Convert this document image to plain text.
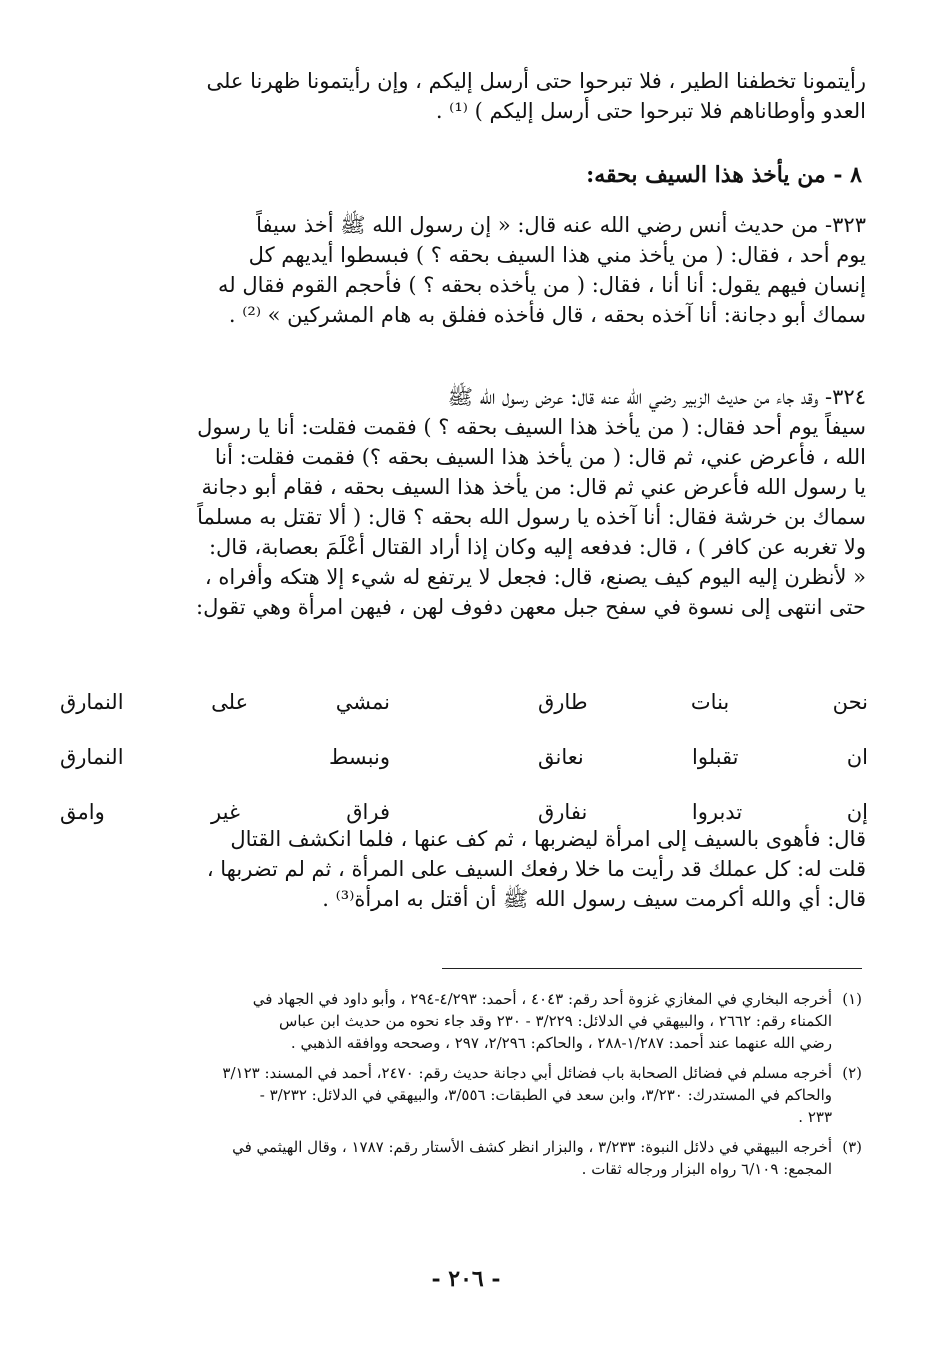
رأيتمونا تخطفنا الطير ، فلا تبرحوا حتى أرسل إليكم ، وإن رأيتمونا ظهرنا على
العدو وأوطاناهم فلا تبرحوا حتى أرسل إليكم ) ⁽¹⁾ .
٨ - من يأخذ هذا السيف بحقه:
٣٢٣- من حديث أنس رضي الله عنه قال: « إن رسول الله ﷺ أخذ سيفاً
يوم أحد ، فقال: ( من يأخذ مني هذا السيف بحقه ؟ ) فبسطوا أيديهم كل
إنسان فيهم يقول: أنا أنا ، فقال: ( من يأخذه بحقه ؟ ) فأحجم القوم فقال له
سماك أبو دجانة: أنا آخذه بحقه ، قال فأخذه ففلق به هام المشركين » ⁽²⁾ .
٣٢٤- وقد جاء من حديث الزبير رضي الله عنه قال: عرض رسول الله ﷺ
سيفاً يوم أحد فقال: ( من يأخذ هذا السيف بحقه ؟ ) فقمت فقلت: أنا يا رسول
الله ، فأعرض عني، ثم قال: ( من يأخذ هذا السيف بحقه ؟) فقمت فقلت: أنا
يا رسول الله فأعرض عني ثم قال: من يأخذ هذا السيف بحقه ، فقام أبو دجانة
سماك بن خرشة فقال: أنا آخذه يا رسول الله بحقه ؟ قال: ( ألا تقتل به مسلماً
ولا تغربه عن كافر ) ، قال: فدفعه إليه وكان إذا أراد القتال أعْلَمَ بعصابة، قال:
« لأنظرن إليه اليوم كيف يصنع، قال: فجعل لا يرتفع له شيء إلا هتكه وأفراه ،
حتى انتهى إلى نسوة في سفح جبل معهن دفوف لهن ، فيهن امرأة وهي تقول:
نحن بنات طارق
نمشي على النمارق
ان تقبلوا نعانق
ونبسط النمارق
إن تدبروا نفارق
فراق غير وامق
قال: فأهوى بالسيف إلى امرأة ليضربها ، ثم كف عنها ، فلما انكشف القتال
قلت له: كل عملك قد رأيت ما خلا رفعك السيف على المرأة ، ثم لم تضربها ،
قال: أي والله أكرمت سيف رسول الله ﷺ أن أقتل به امرأة⁽³⁾ .
(١)
أخرجه البخاري في المغازي غزوة أحد رقم: ٤٠٤٣ ، أحمد: ٤/٢٩٣-٢٩٤ ، وأبو داود في الجهاد في
الكمناء رقم: ٢٦٦٢ ، والبيهقي في الدلائل: ٣/٢٢٩ - ٢٣٠ وقد جاء نحوه من حديث ابن عباس
رضي الله عنهما عند أحمد: ١/٢٨٧-٢٨٨ ، والحاكم: ٢/٢٩٦، ٢٩٧ ، وصححه ووافقه الذهبي .
(٢)
أخرجه مسلم في فضائل الصحابة باب فضائل أبي دجانة حديث رقم: ٢٤٧٠، أحمد في المسند: ٣/١٢٣
والحاكم في المستدرك: ٣/٢٣٠، وابن سعد في الطبقات: ٣/٥٥٦، والبيهقي في الدلائل: ٣/٢٣٢ -
٢٣٣ .
(٣)
أخرجه البيهقي في دلائل النبوة: ٣/٢٣٣ ، والبزار انظر كشف الأستار رقم: ١٧٨٧ ، وقال الهيثمي في
المجمع: ٦/١٠٩ رواه البزار ورجاله ثقات .
- ٢٠٦ -
